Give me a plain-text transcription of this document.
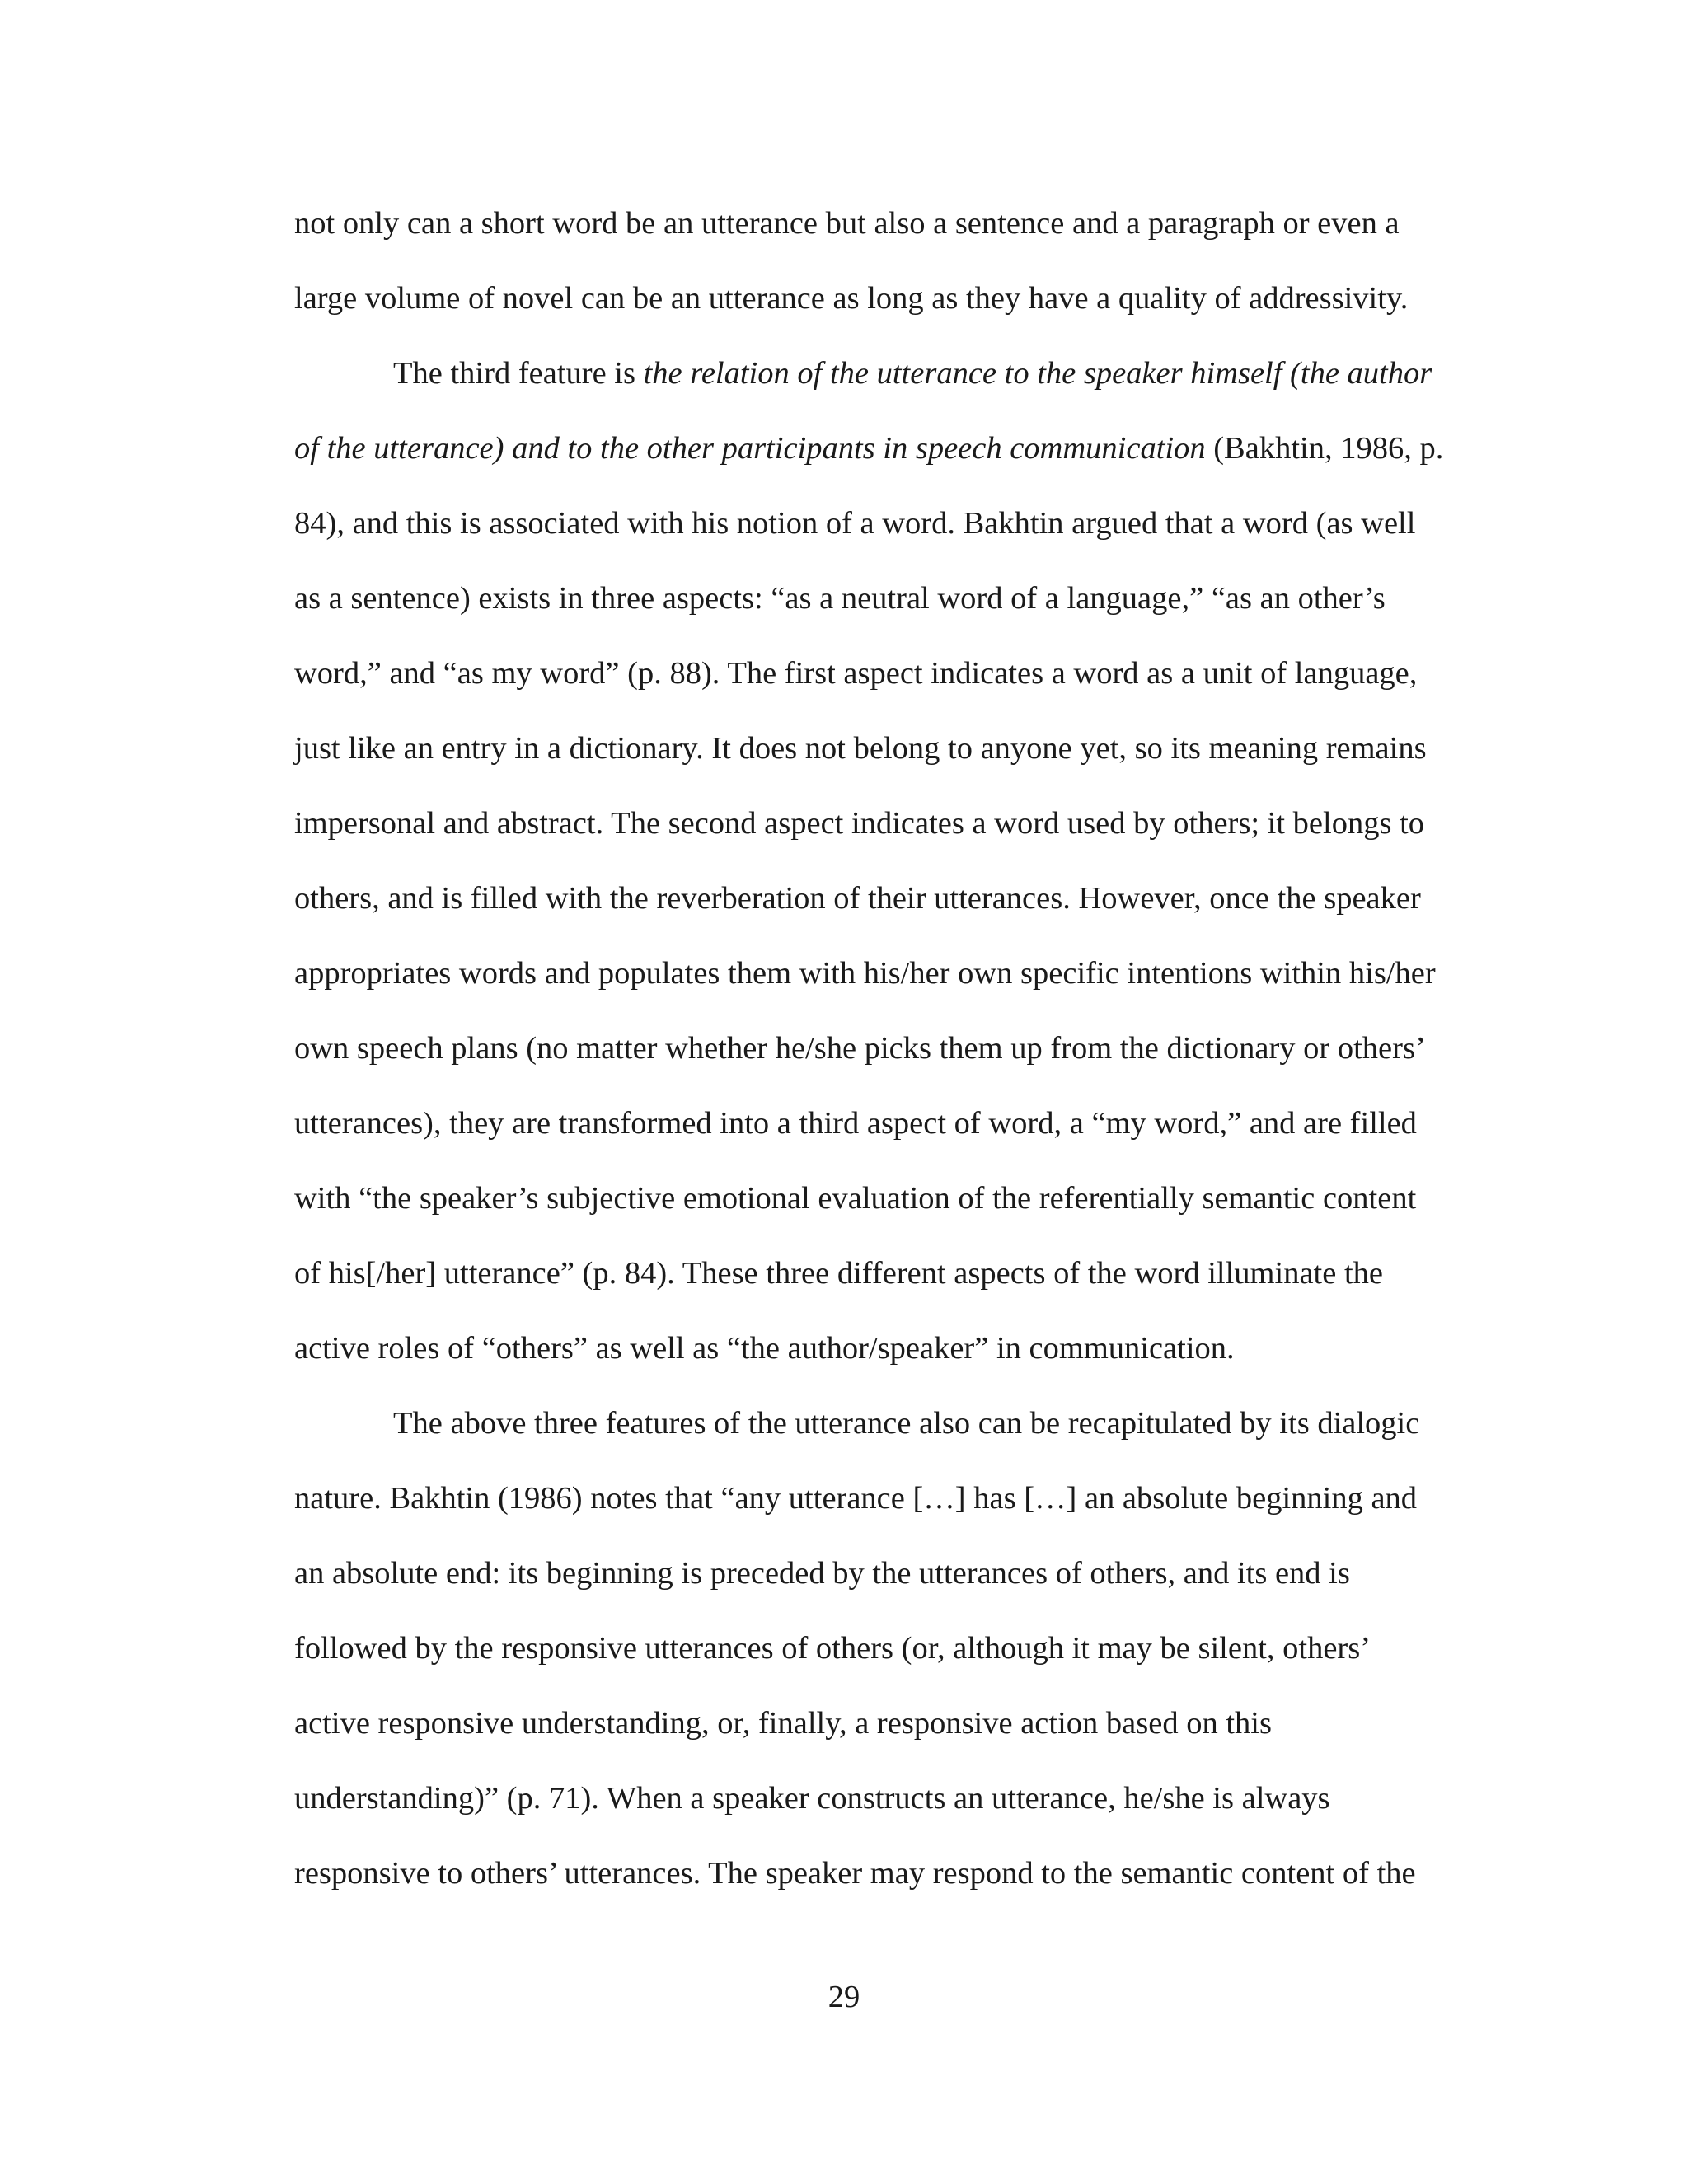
not only can a short word be an utterance but also a sentence and a paragraph or even a
large volume of novel can be an utterance as long as they have a quality of addressivity.
The third feature is the relation of the utterance to the speaker himself (the author
of the utterance) and to the other participants in speech communication (Bakhtin, 1986, p.
84), and this is associated with his notion of a word. Bakhtin argued that a word (as well
as a sentence) exists in three aspects: “as a neutral word of a language,” “as an other’s
word,” and “as my word” (p. 88). The first aspect indicates a word as a unit of language,
just like an entry in a dictionary. It does not belong to anyone yet, so its meaning remains
impersonal and abstract. The second aspect indicates a word used by others; it belongs to
others, and is filled with the reverberation of their utterances. However, once the speaker
appropriates words and populates them with his/her own specific intentions within his/her
own speech plans (no matter whether he/she picks them up from the dictionary or others’
utterances), they are transformed into a third aspect of word, a “my word,” and are filled
with “the speaker’s subjective emotional evaluation of the referentially semantic content
of his[/her] utterance” (p. 84). These three different aspects of the word illuminate the
active roles of “others” as well as “the author/speaker” in communication.
The above three features of the utterance also can be recapitulated by its dialogic
nature. Bakhtin (1986) notes that “any utterance […] has […] an absolute beginning and
an absolute end: its beginning is preceded by the utterances of others, and its end is
followed by the responsive utterances of others (or, although it may be silent, others’
active responsive understanding, or, finally, a responsive action based on this
understanding)” (p. 71). When a speaker constructs an utterance, he/she is always
responsive to others’ utterances. The speaker may respond to the semantic content of the
29
